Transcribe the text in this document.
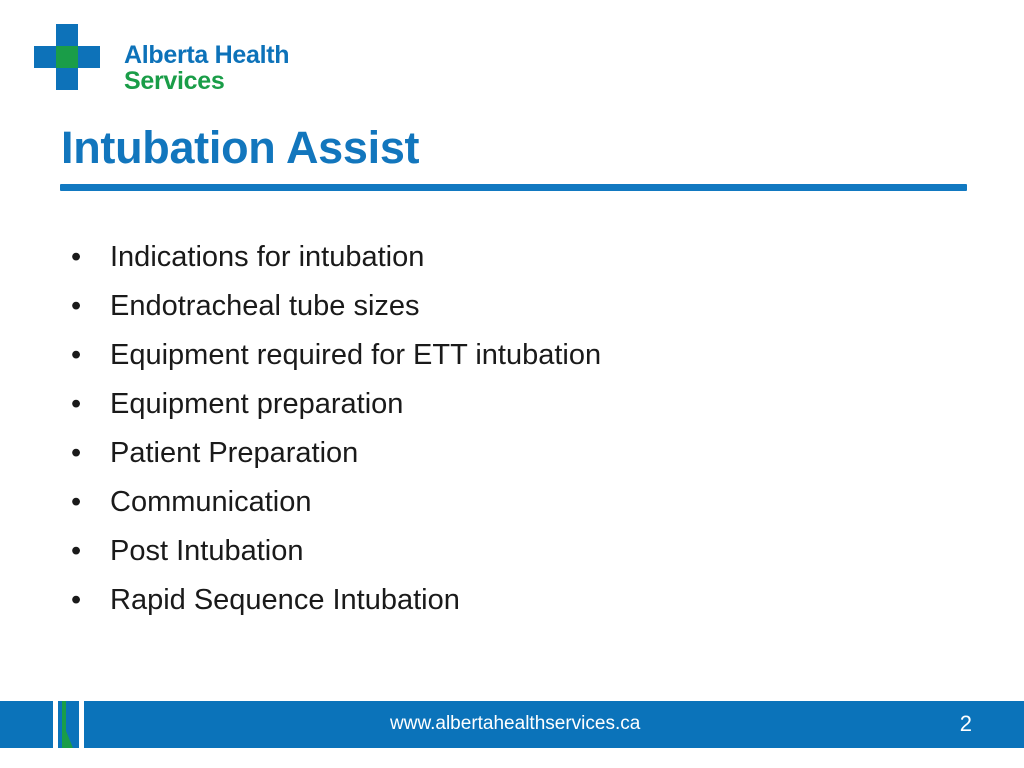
Alberta Health
Services
Intubation Assist
• Indications for intubation
• Endotracheal tube sizes
• Equipment required for ETT intubation
• Equipment preparation
• Patient Preparation
• Communication
• Post Intubation
• Rapid Sequence Intubation
www.albertahealthservices.ca	2
